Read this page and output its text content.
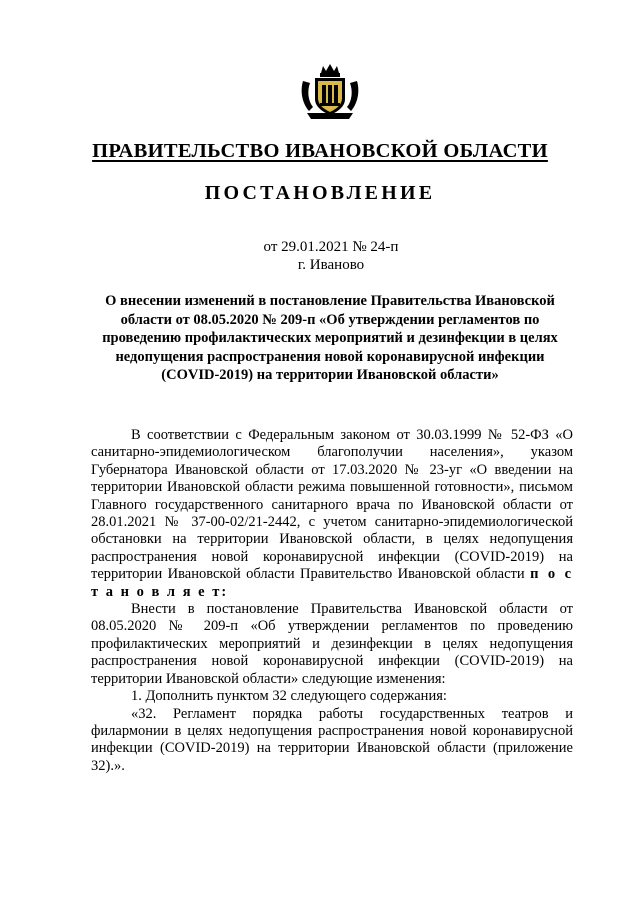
ПРАВИТЕЛЬСТВО ИВАНОВСКОЙ ОБЛАСТИ
ПОСТАНОВЛЕНИЕ
от 29.01.2021 № 24-п
г. Иваново
О внесении изменений в постановление Правительства Ивановской области от 08.05.2020 № 209-п «Об утверждении регламентов по проведению профилактических мероприятий и дезинфекции в целях недопущения распространения новой коронавирусной инфекции (COVID-2019) на территории Ивановской области»

В соответствии с Федеральным законом от 30.03.1999 № 52-ФЗ «О санитарно-эпидемиологическом благополучии населения», указом Губернатора Ивановской области от 17.03.2020 № 23-уг «О введении на территории Ивановской области режима повышенной готовности», письмом Главного государственного санитарного врача по Ивановской области от 28.01.2021 № 37-00-02/21-2442, с учетом санитарно-эпидемиологической обстановки на территории Ивановской области, в целях недопущения распространения новой коронавирусной инфекции (COVID-2019) на территории Ивановской области Правительство Ивановской области п о с т а н о в л я е т:

Внести в постановление Правительства Ивановской области от 08.05.2020 № 209-п «Об утверждении регламентов по проведению профилактических мероприятий и дезинфекции в целях недопущения распространения новой коронавирусной инфекции (COVID-2019) на территории Ивановской области» следующие изменения:

1. Дополнить пунктом 32 следующего содержания:

«32. Регламент порядка работы государственных театров и филармонии в целях недопущения распространения новой коронавирусной инфекции (COVID-2019) на территории Ивановской области (приложение 32).».
